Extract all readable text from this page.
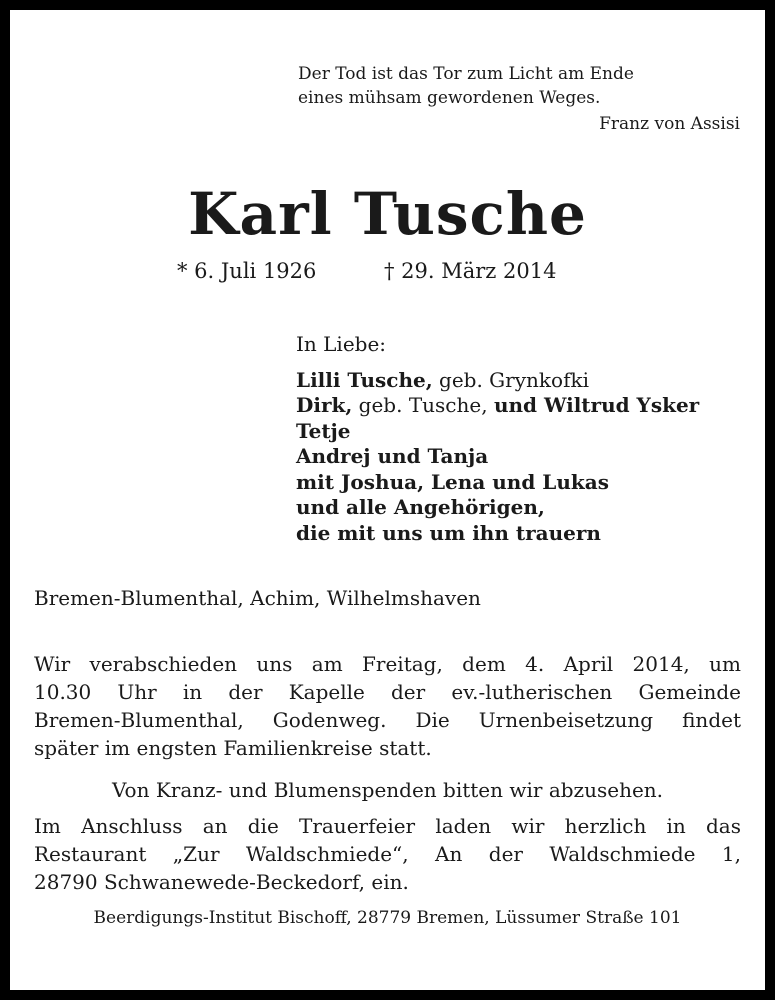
Der Tod ist das Tor zum Licht am Ende
eines mühsam gewordenen Weges.
Franz von Assisi
Karl Tusche
* 6. Juli 1926	† 29. März 2014
In Liebe:
Lilli Tusche, geb. Grynkofki
Dirk, geb. Tusche, und Wiltrud Ysker
Tetje
Andrej und Tanja
mit Joshua, Lena und Lukas
und alle Angehörigen,
die mit uns um ihn trauern
Bremen-Blumenthal, Achim, Wilhelmshaven
Wir verabschieden uns am Freitag, dem 4. April 2014, um
10.30 Uhr in der Kapelle der ev.-lutherischen Gemeinde
Bremen-Blumenthal, Godenweg. Die Urnenbeisetzung findet
später im engsten Familienkreise statt.
Von Kranz- und Blumenspenden bitten wir abzusehen.
Im Anschluss an die Trauerfeier laden wir herzlich in das
Restaurant „Zur Waldschmiede“, An der Waldschmiede 1,
28790 Schwanewede-Beckedorf, ein.
Beerdigungs-Institut Bischoff, 28779 Bremen, Lüssumer Straße 101
